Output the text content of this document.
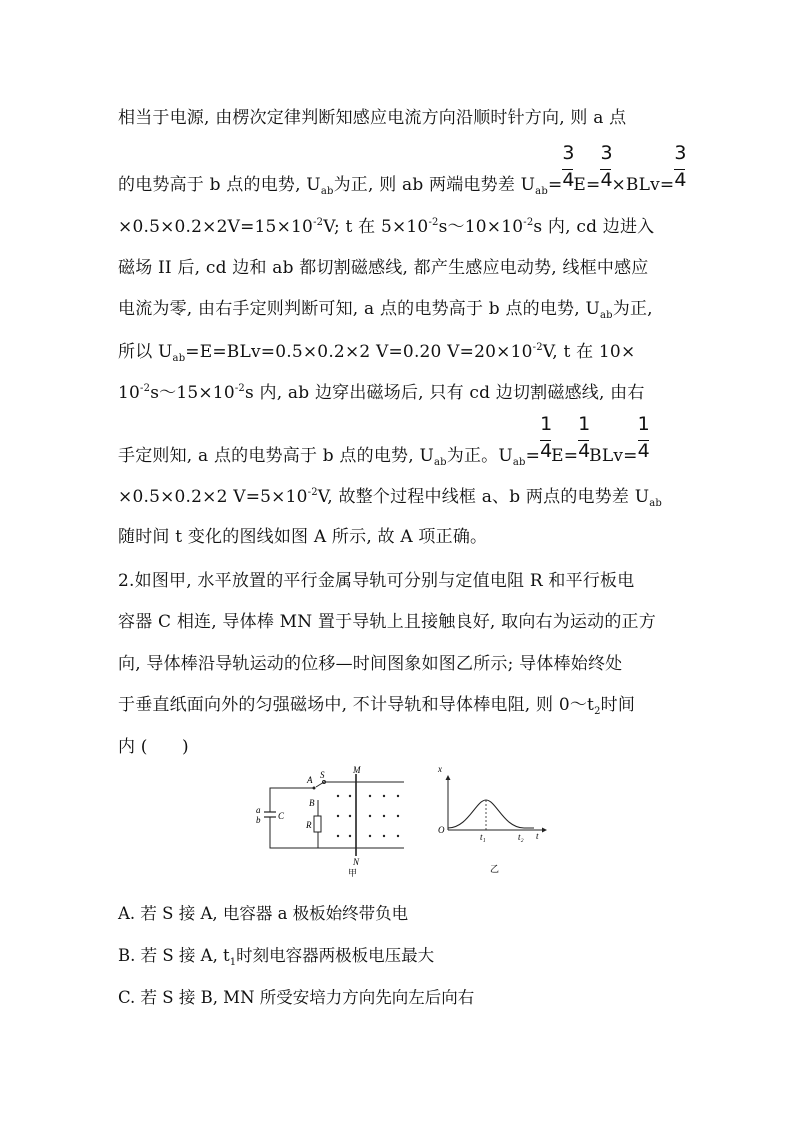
相当于电源, 由楞次定律判断知感应电流方向沿顺时针方向, 则 a 点
的电势高于 b 点的电势, $U_{ab}$为正, 则 ab 两端电势差 $U_{ab}= \frac{3}{4} E= \frac{3}{4} \times BLv= \frac{3}{4}$
$\times 0.5\times 0.2\times 2V=15\times 10^{-2}V$; t 在 $5\times 10^{-2}s\sim 10\times 10^{-2}s$ 内, cd 边进入
磁场 II 后, cd 边和 ab 都切割磁感线, 都产生感应电动势, 线框中感应
电流为零, 由右手定则判断可知, a 点的电势高于 b 点的电势, $U_{ab}$为正,
所以 $U_{ab}=E=BLv=0.5\times 0.2\times 2$ V=0.20 $V=20\times 10^{-2}V$, t 在 10×
$10^{-2}s\sim 15\times 10^{-2}s$ 内, ab 边穿出磁场后, 只有 cd 边切割磁感线, 由右
手定则知, a 点的电势高于 b 点的电势, $U_{ab}$为正。$U_{ab}= \frac{1}{4} E= \frac{1}{4} BLv= \frac{1}{4}$
×0.5×0.2×2 $V=5\times 10^{-2}V$, 故整个过程中线框 a、b 两点的电势差 $U_{ab}$
随时间 t 变化的图线如图 A 所示, 故 A 项正确。
2.如图甲, 水平放置的平行金属导轨可分别与定值电阻 R 和平行板电
容器 C 相连, 导体棒 MN 置于导轨上且接触良好, 取向右为运动的正方
向, 导体棒沿导轨运动的位移—时间图象如图乙所示; 导体棒始终处
于垂直纸面向外的匀强磁场中, 不计导轨和导体棒电阻, 则 $0\sim t_2$时间
内 (　　)
a
b C
A S
B
R
M
N
甲
x
O
t₁	t₂ t
乙
A. 若 S 接 A, 电容器 a 极板始终带负电
B. 若 S 接 A, $t_1$时刻电容器两极板电压最大
C. 若 S 接 B, MN 所受安培力方向先向左后向右
